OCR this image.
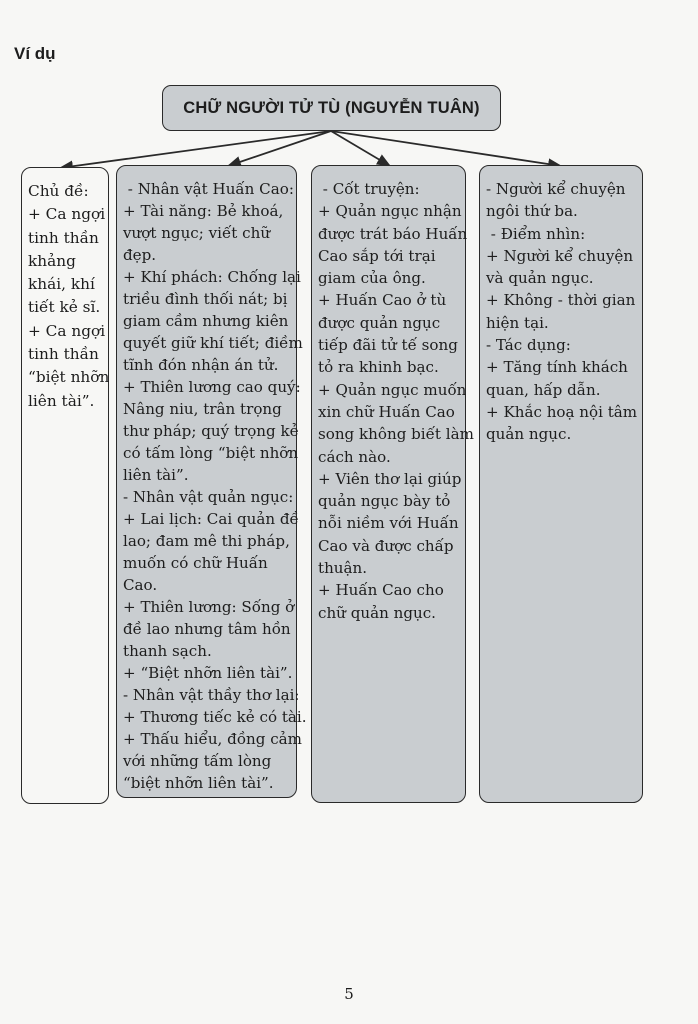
Ví dụ
CHỮ NGƯỜI TỬ TÙ (NGUYỄN TUÂN)
Chủ đề:
+ Ca ngợi
tinh thần
khảng
khái, khí
tiết kẻ sĩ.
+ Ca ngợi
tinh thần
“biệt nhỡn
liên tài”.
- Nhân vật Huấn Cao:
+ Tài năng: Bẻ khoá,
vượt ngục; viết chữ
đẹp.
+ Khí phách: Chống lại
triều đình thối nát; bị
giam cầm nhưng kiên
quyết giữ khí tiết; điềm
tĩnh đón nhận án tử.
+ Thiên lương cao quý:
Nâng niu, trân trọng
thư pháp; quý trọng kẻ
có tấm lòng “biệt nhỡn
liên tài”.
- Nhân vật quản ngục:
+ Lai lịch: Cai quản đề
lao; đam mê thi pháp,
muốn có chữ Huấn
Cao.
+ Thiên lương: Sống ở
đề lao nhưng tâm hồn
thanh sạch.
+ “Biệt nhỡn liên tài”.
- Nhân vật thầy thơ lại:
+ Thương tiếc kẻ có tài.
+ Thấu hiểu, đồng cảm
với những tấm lòng
“biệt nhỡn liên tài”.
- Cốt truyện:
+ Quản ngục nhận
được trát báo Huấn
Cao sắp tới trại
giam của ông.
+ Huấn Cao ở tù
được quản ngục
tiếp đãi tử tế song
tỏ ra khinh bạc.
+ Quản ngục muốn
xin chữ Huấn Cao
song không biết làm
cách nào.
+ Viên thơ lại giúp
quản ngục bày tỏ
nỗi niềm với Huấn
Cao và được chấp
thuận.
+ Huấn Cao cho
chữ quản ngục.
- Người kể chuyện
ngôi thứ ba.
- Điểm nhìn:
+ Người kể chuyện
và quản ngục.
+ Không - thời gian
hiện tại.
- Tác dụng:
+ Tăng tính khách
quan, hấp dẫn.
+ Khắc hoạ nội tâm
quản ngục.
5
